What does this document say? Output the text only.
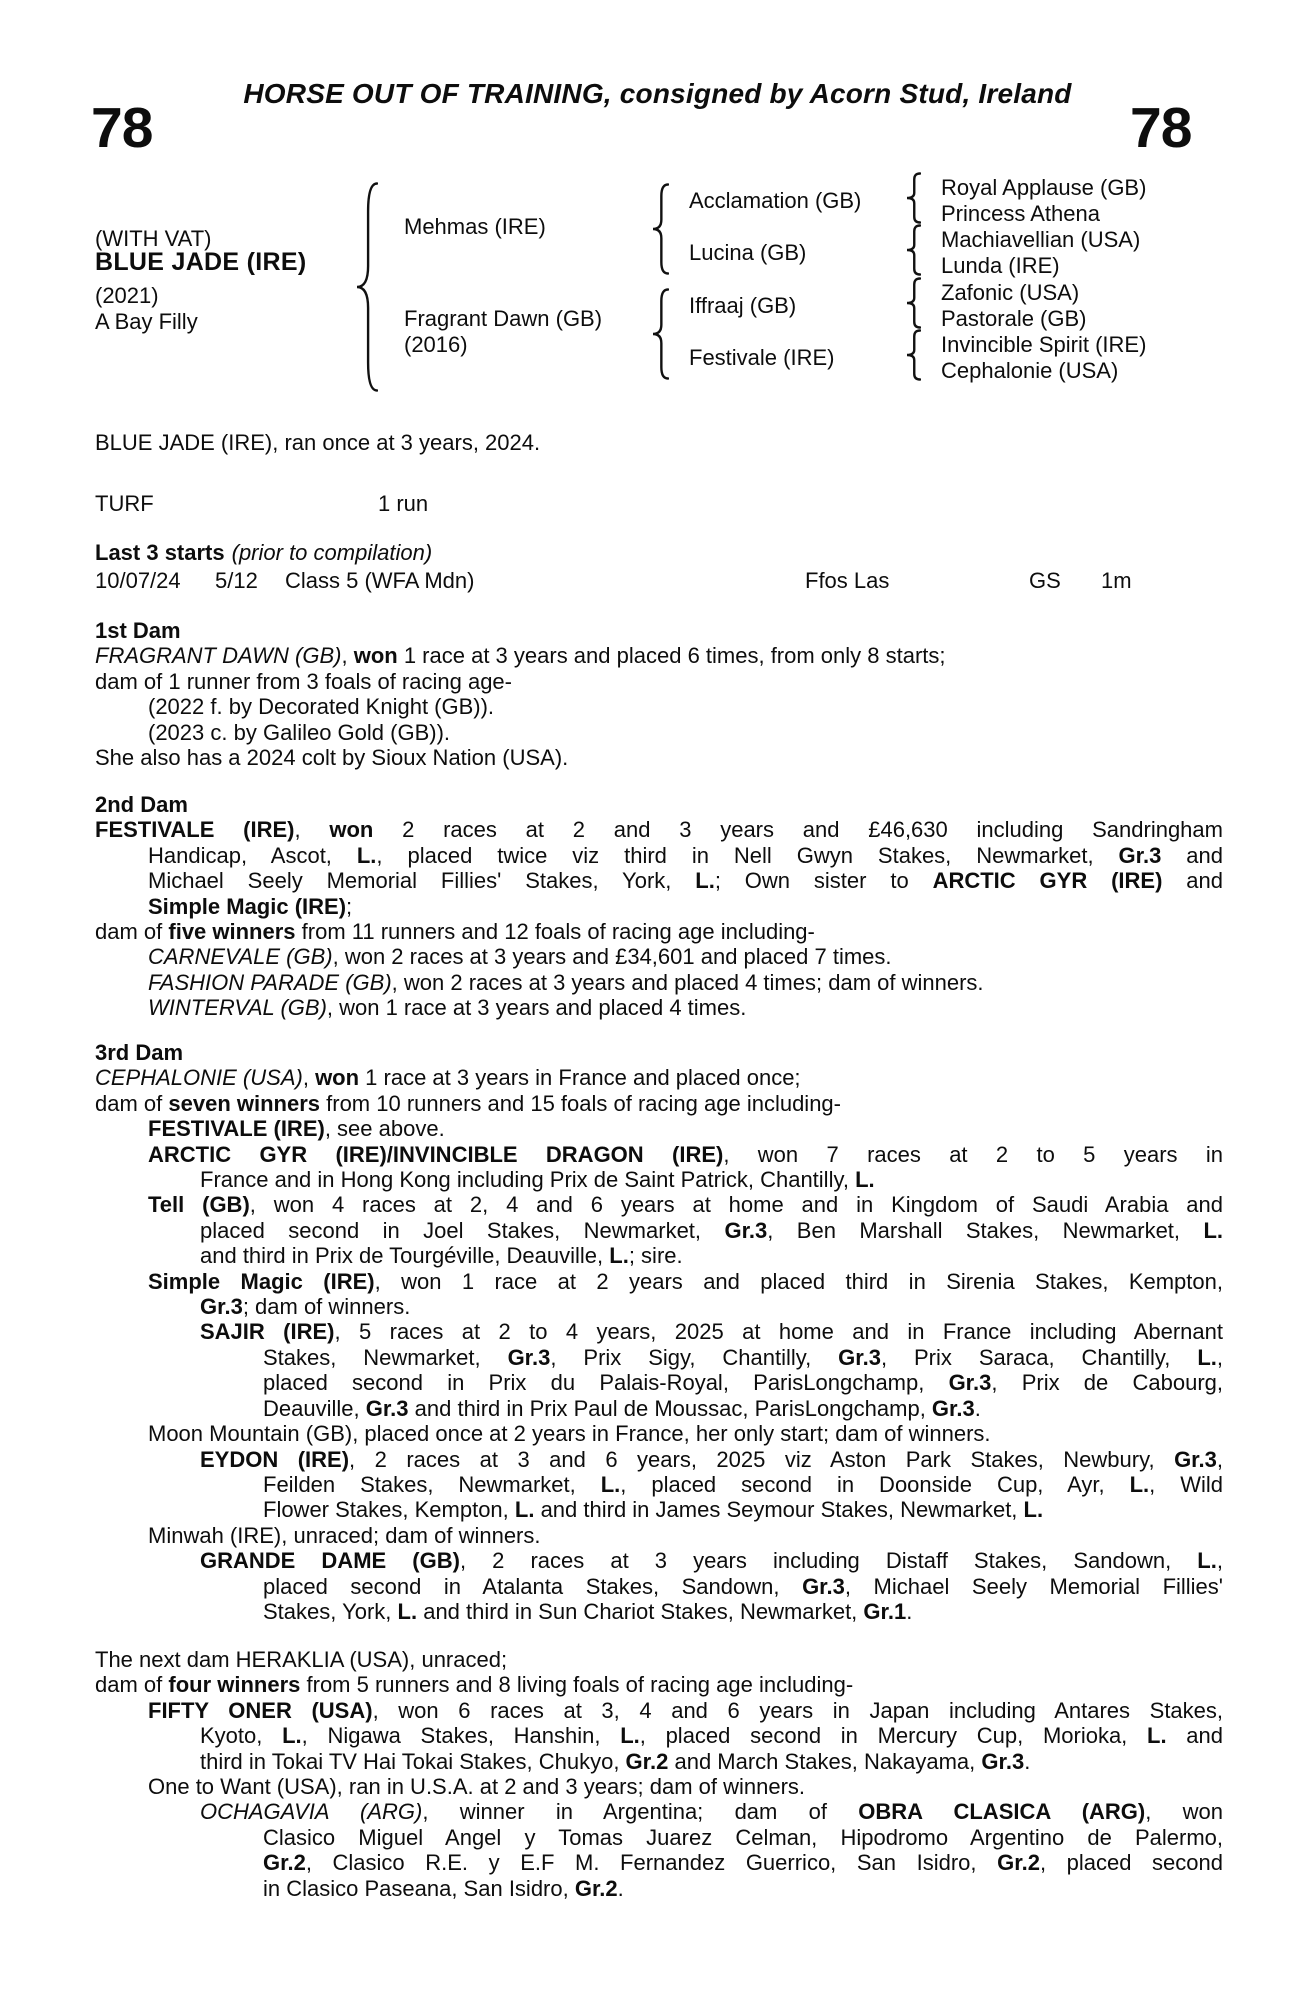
HORSE OUT OF TRAINING, consigned by Acorn Stud, Ireland
78	78
(WITH VAT)
BLUE JADE (IRE)
(2021)
A Bay Filly
Mehmas (IRE)
Fragrant Dawn (GB)
(2016)
Acclamation (GB)
Lucina (GB)
Iffraaj (GB)
Festivale (IRE)
Royal Applause (GB)
Princess Athena
Machiavellian (USA)
Lunda (IRE)
Zafonic (USA)
Pastorale (GB)
Invincible Spirit (IRE)
Cephalonie (USA)
BLUE JADE (IRE), ran once at 3 years, 2024.
TURF	1 run
Last 3 starts (prior to compilation)
10/07/24 5/12 Class 5 (WFA Mdn)	Ffos Las	GS 1m
1st Dam
FRAGRANT DAWN (GB), won 1 race at 3 years and placed 6 times, from only 8 starts;
dam of 1 runner from 3 foals of racing age-
(2022 f. by Decorated Knight (GB)).
(2023 c. by Galileo Gold (GB)).
She also has a 2024 colt by Sioux Nation (USA).
2nd Dam
FESTIVALE (IRE), won 2 races at 2 and 3 years and £46,630 including Sandringham
Handicap, Ascot, L., placed twice viz third in Nell Gwyn Stakes, Newmarket, Gr.3 and
Michael Seely Memorial Fillies' Stakes, York, L.; Own sister to ARCTIC GYR (IRE) and
Simple Magic (IRE);
dam of five winners from 11 runners and 12 foals of racing age including-
CARNEVALE (GB), won 2 races at 3 years and £34,601 and placed 7 times.
FASHION PARADE (GB), won 2 races at 3 years and placed 4 times; dam of winners.
WINTERVAL (GB), won 1 race at 3 years and placed 4 times.
3rd Dam
CEPHALONIE (USA), won 1 race at 3 years in France and placed once;
dam of seven winners from 10 runners and 15 foals of racing age including-
FESTIVALE (IRE), see above.
ARCTIC GYR (IRE)/INVINCIBLE DRAGON (IRE), won 7 races at 2 to 5 years in
France and in Hong Kong including Prix de Saint Patrick, Chantilly, L.
Tell (GB), won 4 races at 2, 4 and 6 years at home and in Kingdom of Saudi Arabia and
placed second in Joel Stakes, Newmarket, Gr.3, Ben Marshall Stakes, Newmarket, L.
and third in Prix de Tourgéville, Deauville, L.; sire.
Simple Magic (IRE), won 1 race at 2 years and placed third in Sirenia Stakes, Kempton,
Gr.3; dam of winners.
SAJIR (IRE), 5 races at 2 to 4 years, 2025 at home and in France including Abernant
Stakes, Newmarket, Gr.3, Prix Sigy, Chantilly, Gr.3, Prix Saraca, Chantilly, L.,
placed second in Prix du Palais-Royal, ParisLongchamp, Gr.3, Prix de Cabourg,
Deauville, Gr.3 and third in Prix Paul de Moussac, ParisLongchamp, Gr.3.
Moon Mountain (GB), placed once at 2 years in France, her only start; dam of winners.
EYDON (IRE), 2 races at 3 and 6 years, 2025 viz Aston Park Stakes, Newbury, Gr.3,
Feilden Stakes, Newmarket, L., placed second in Doonside Cup, Ayr, L., Wild
Flower Stakes, Kempton, L. and third in James Seymour Stakes, Newmarket, L.
Minwah (IRE), unraced; dam of winners.
GRANDE DAME (GB), 2 races at 3 years including Distaff Stakes, Sandown, L.,
placed second in Atalanta Stakes, Sandown, Gr.3, Michael Seely Memorial Fillies'
Stakes, York, L. and third in Sun Chariot Stakes, Newmarket, Gr.1.
The next dam HERAKLIA (USA), unraced;
dam of four winners from 5 runners and 8 living foals of racing age including-
FIFTY ONER (USA), won 6 races at 3, 4 and 6 years in Japan including Antares Stakes,
Kyoto, L., Nigawa Stakes, Hanshin, L., placed second in Mercury Cup, Morioka, L. and
third in Tokai TV Hai Tokai Stakes, Chukyo, Gr.2 and March Stakes, Nakayama, Gr.3.
One to Want (USA), ran in U.S.A. at 2 and 3 years; dam of winners.
OCHAGAVIA (ARG), winner in Argentina; dam of OBRA CLASICA (ARG), won
Clasico Miguel Angel y Tomas Juarez Celman, Hipodromo Argentino de Palermo,
Gr.2, Clasico R.E. y E.F M. Fernandez Guerrico, San Isidro, Gr.2, placed second
in Clasico Paseana, San Isidro, Gr.2.
